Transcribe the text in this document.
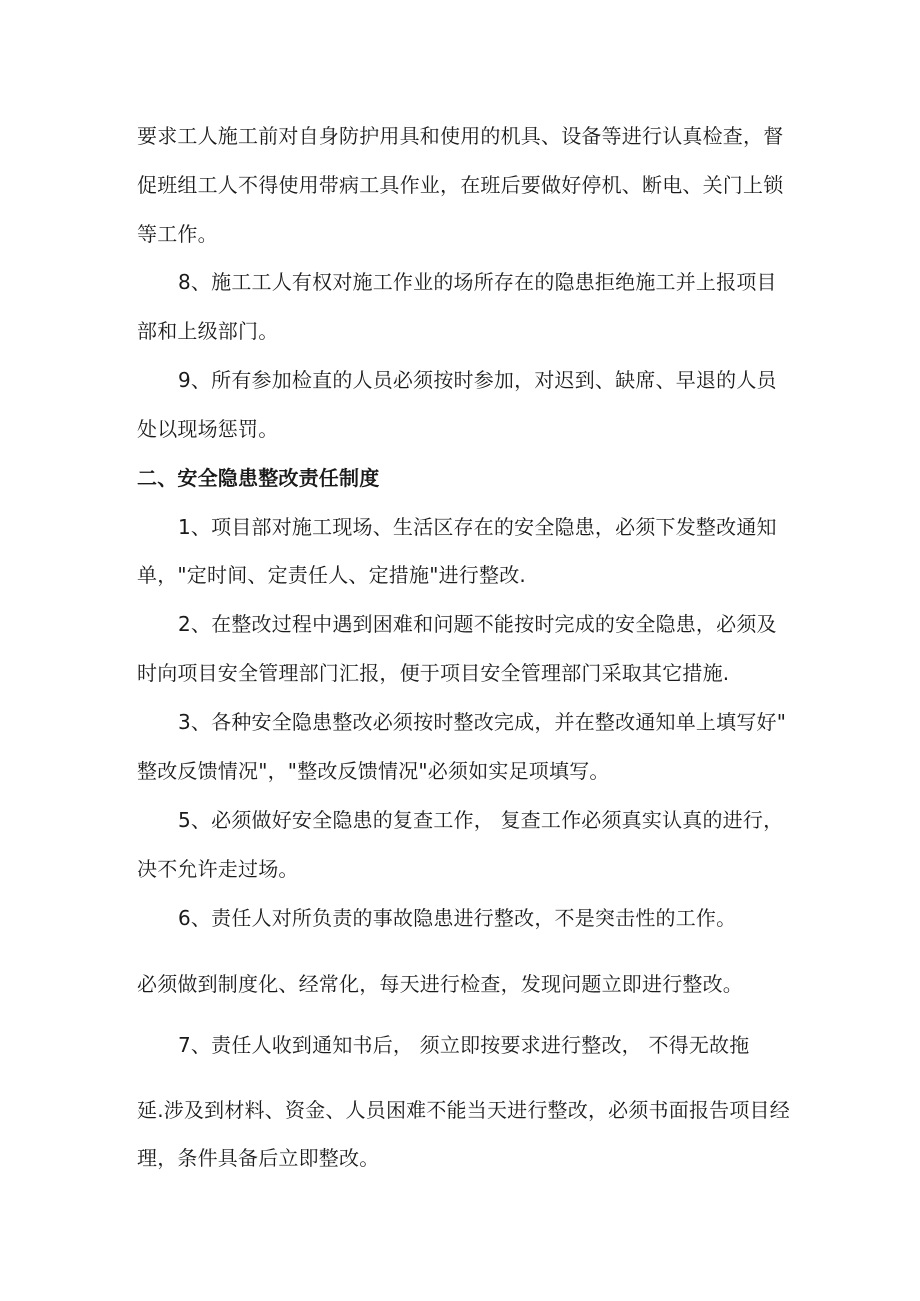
要求工人施工前对自身防护用具和使用的机具、设备等进行认真检查，督
促班组工人不得使用带病工具作业，在班后要做好停机、断电、关门上锁
等工作。
8、施工工人有权对施工作业的场所存在的隐患拒绝施工并上报项目
部和上级部门。
9、所有参加检直的人员必须按时参加，对迟到、缺席、早退的人员
处以现场惩罚。
二、安全隐患整改责任制度
1、项目部对施工现场、生活区存在的安全隐患，必须下发整改通知
单，"定时间、定责任人、定措施"进行整改.
2、在整改过程中遇到困难和问题不能按时完成的安全隐患，必须及
时向项目安全管理部门汇报，便于项目安全管理部门采取其它措施.
3、各种安全隐患整改必须按时整改完成，并在整改通知单上填写好"
整改反馈情况"，"整改反馈情况"必须如实足项填写。
5、必须做好安全隐患的复查工作， 复查工作必须真实认真的进行，
决不允许走过场。
6、责任人对所负责的事故隐患进行整改，不是突击性的工作。
必须做到制度化、经常化，每天进行检查，发现问题立即进行整改。
7、责任人收到通知书后， 须立即按要求进行整改， 不得无故拖
延.涉及到材料、资金、人员困难不能当天进行整改，必须书面报告项目经
理，条件具备后立即整改。
